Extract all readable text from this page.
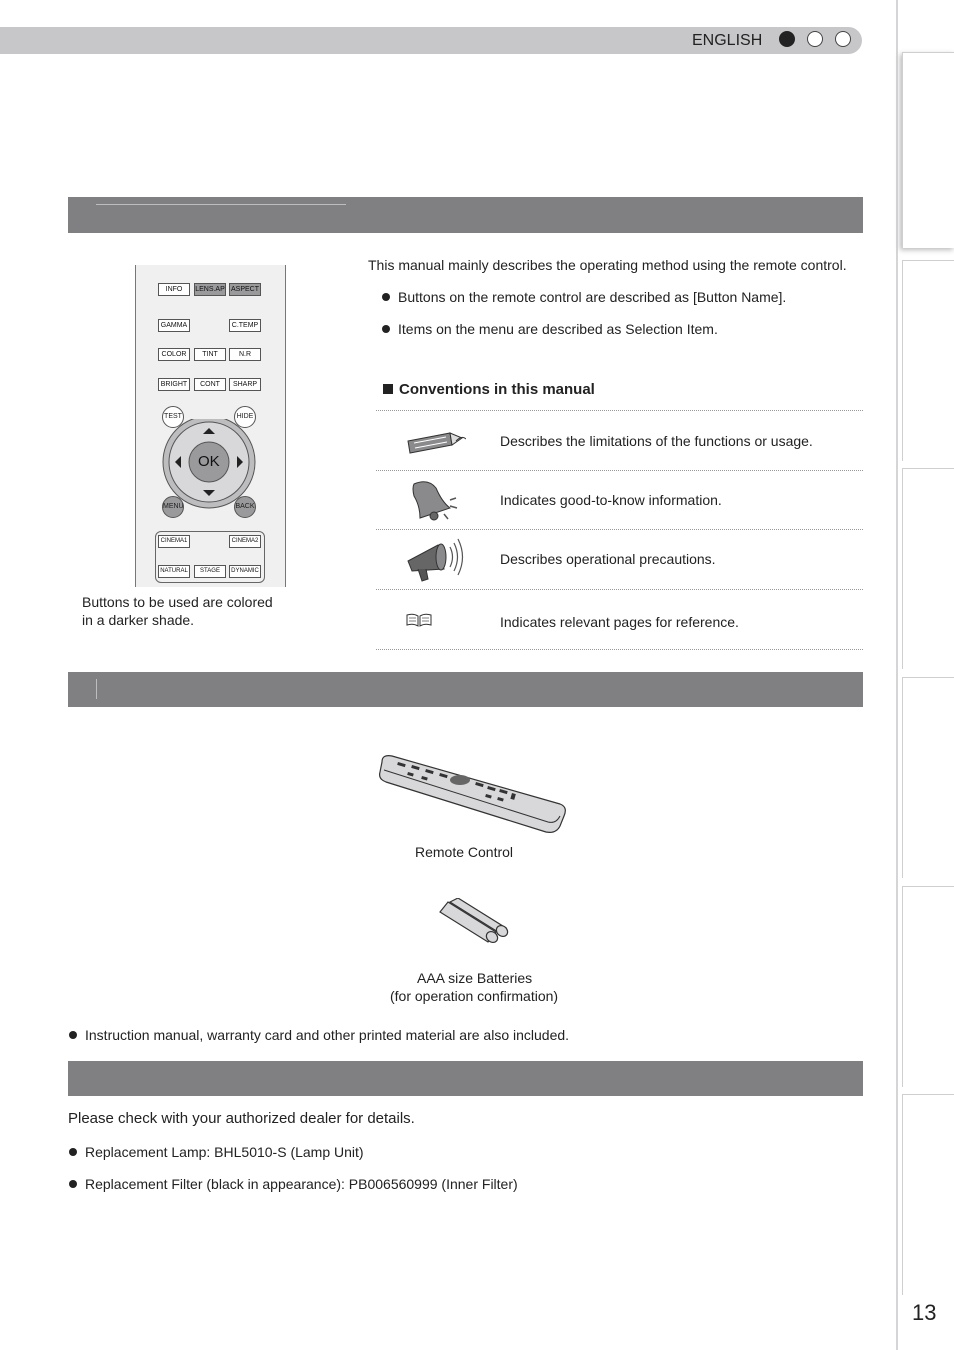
13
ENGLISH
INFO	LENS.AP ASPECT
GAMMA	C.TEMP
COLOR	TINT	N.R
BRIGHT	CONT	SHARP
TEST	HIDE
OK
MENU	BACK
CINEMA1	CINEMA2
NATURAL	STAGE	DYNAMIC
Buttons to be used are colored
in a darker shade.
This manual mainly describes the operating method using the remote control.
Buttons on the remote control are described as [Button Name].
Items on the menu are described as Selection Item.
Conventions in this manual
Describes the limitations of the functions or usage.
Indicates good-to-know information.
Describes operational precautions.
Indicates relevant pages for reference.
Remote Control
AAA size Batteries
(for operation confirmation)
Instruction manual, warranty card and other printed material are also included.
Please check with your authorized dealer for details.
Replacement Lamp: BHL5010-S (Lamp Unit)
Replacement Filter (black in appearance): PB006560999 (Inner Filter)
